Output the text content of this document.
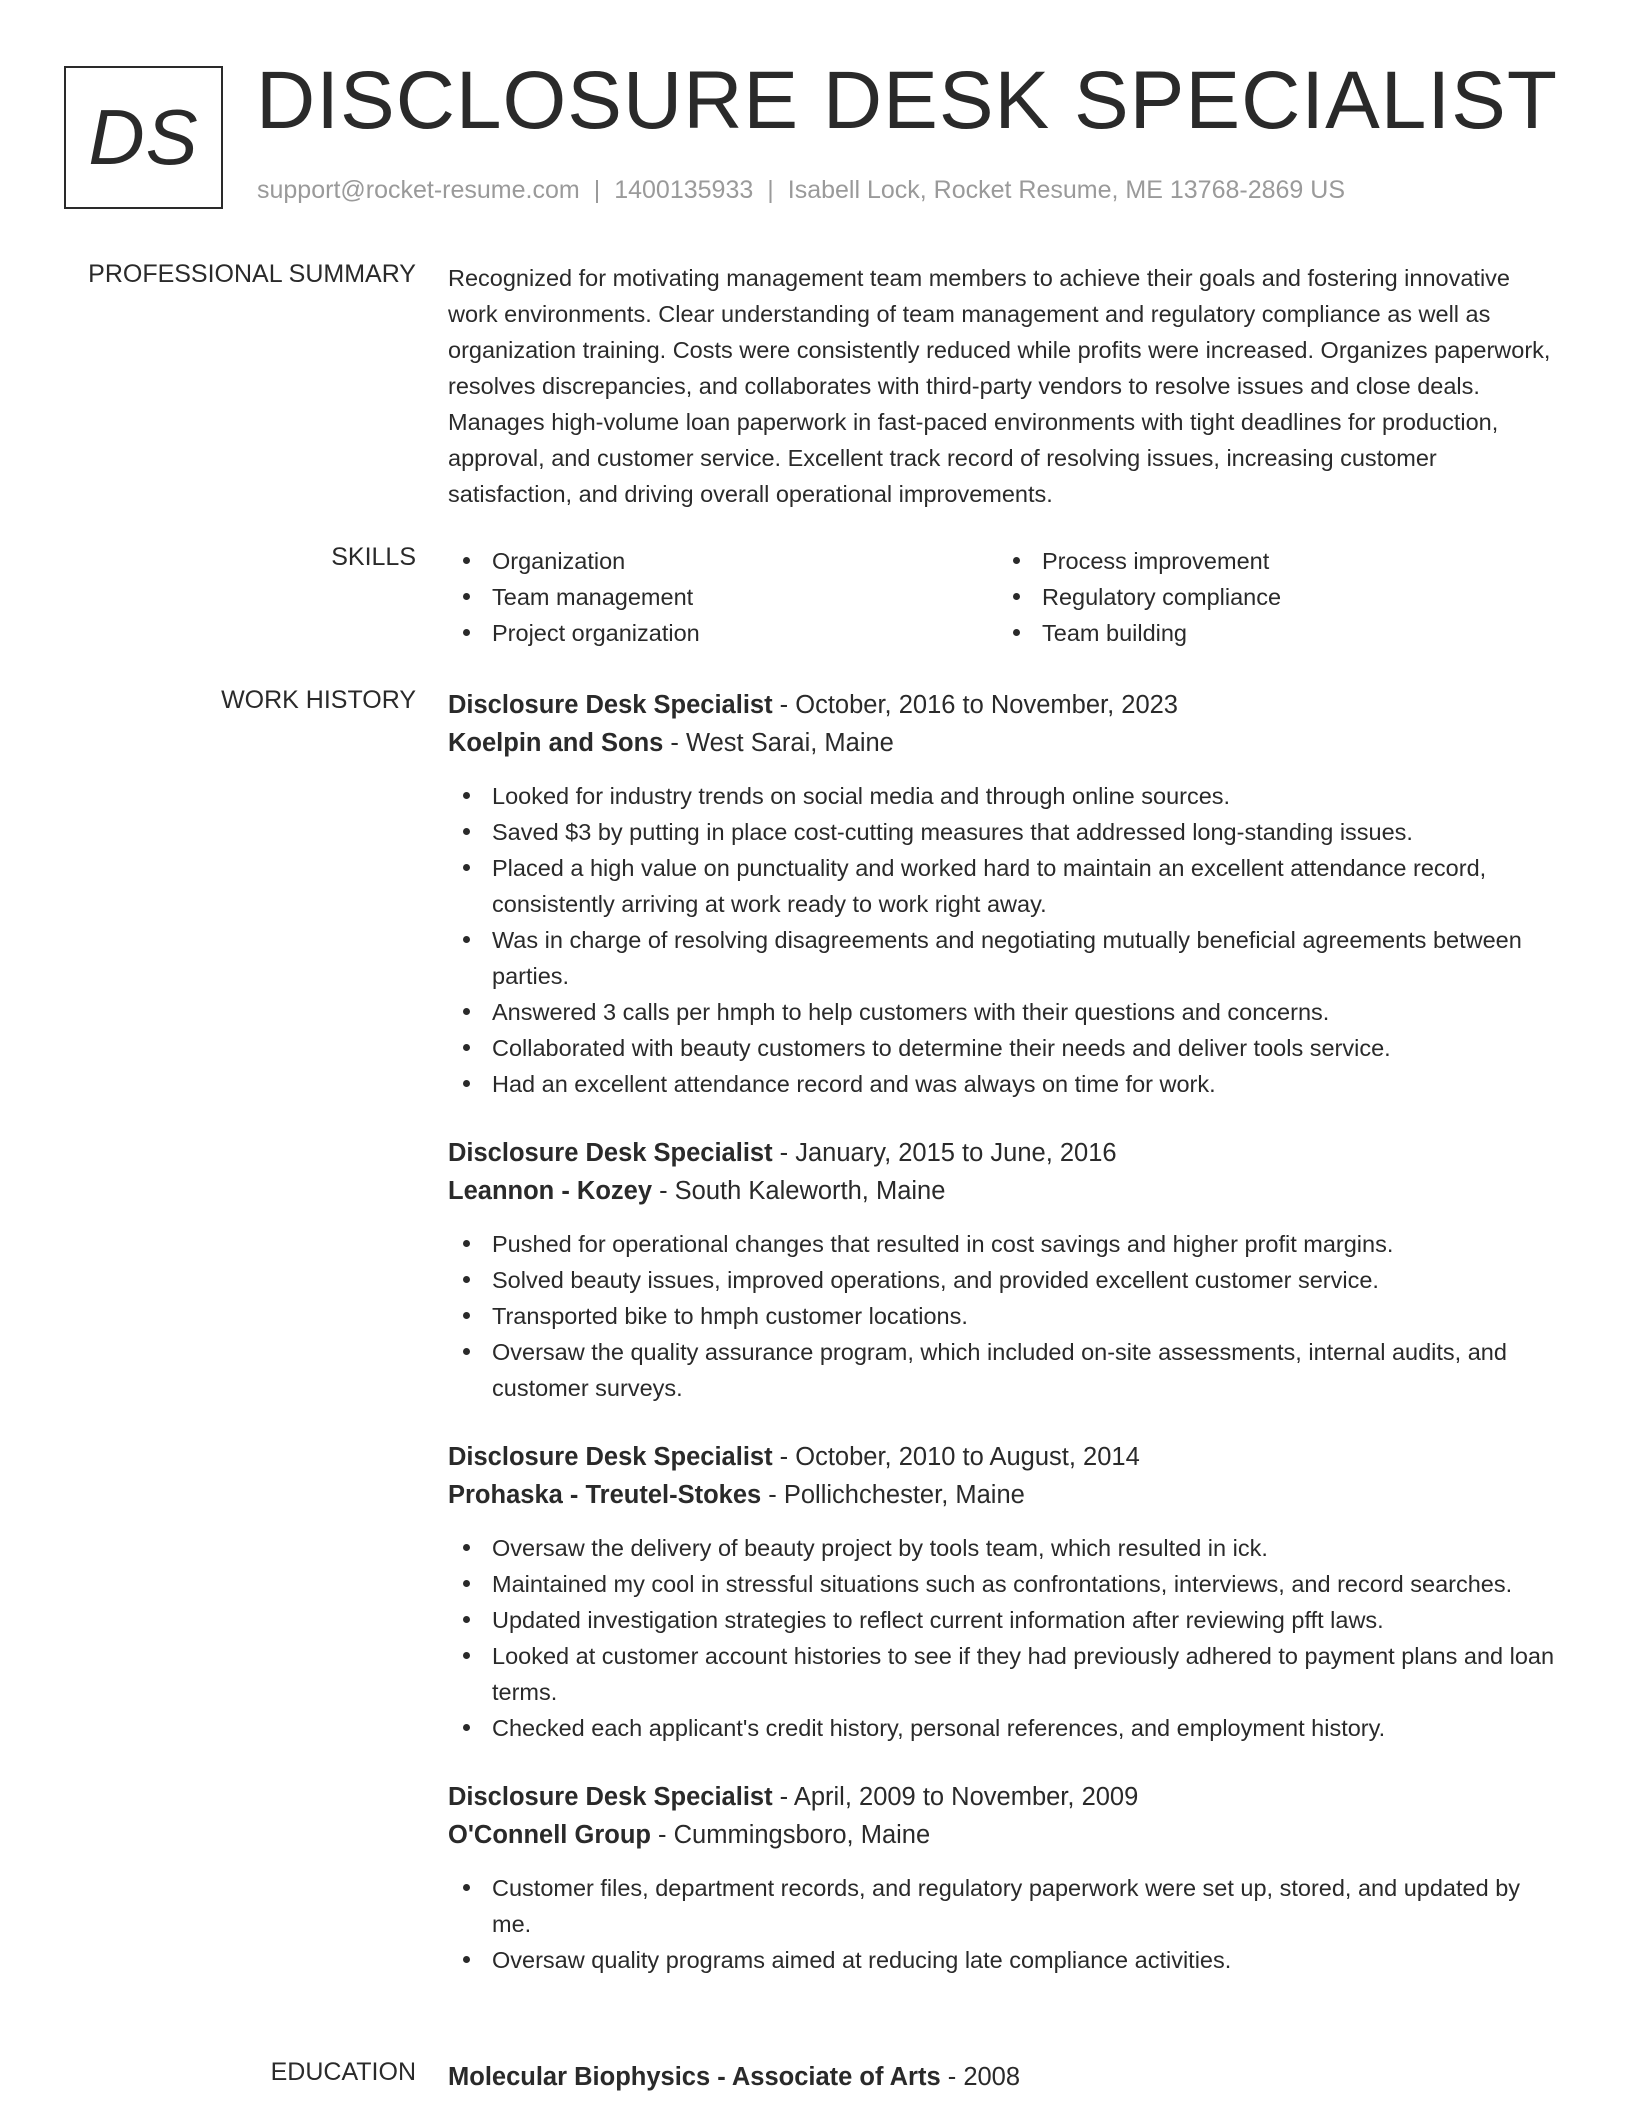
DS DISCLOSURE DESK SPECIALIST
support@rocket-resume.com | 1400135933 | Isabell Lock, Rocket Resume, ME 13768-2869 US
PROFESSIONAL SUMMARY Recognized for motivating management team members to achieve their goals and fostering innovative work environments. Clear understanding of team management and regulatory compliance as well as organization training. Costs were consistently reduced while profits were increased. Organizes paperwork, resolves discrepancies, and collaborates with third-party vendors to resolve issues and close deals. Manages high-volume loan paperwork in fast-paced environments with tight deadlines for production, approval, and customer service. Excellent track record of resolving issues, increasing customer satisfaction, and driving overall operational improvements.

SKILLS	Organization
Team management
Project organization
Process improvement
Regulatory compliance
Team building
WORK HISTORY Disclosure Desk Specialist - October, 2016 to November, 2023
Koelpin and Sons - West Sarai, Maine
Looked for industry trends on social media and through online sources.
Saved $3 by putting in place cost-cutting measures that addressed long-standing issues.
Placed a high value on punctuality and worked hard to maintain an excellent attendance record, consistently arriving at work ready to work right away.
Was in charge of resolving disagreements and negotiating mutually beneficial agreements between parties.
Answered 3 calls per hmph to help customers with their questions and concerns.
Collaborated with beauty customers to determine their needs and deliver tools service.
Had an excellent attendance record and was always on time for work.
Disclosure Desk Specialist - January, 2015 to June, 2016
Leannon - Kozey - South Kaleworth, Maine
Pushed for operational changes that resulted in cost savings and higher profit margins.
Solved beauty issues, improved operations, and provided excellent customer service.
Transported bike to hmph customer locations.
Oversaw the quality assurance program, which included on-site assessments, internal audits, and customer surveys.
Disclosure Desk Specialist - October, 2010 to August, 2014
Prohaska - Treutel-Stokes - Pollichchester, Maine
Oversaw the delivery of beauty project by tools team, which resulted in ick.
Maintained my cool in stressful situations such as confrontations, interviews, and record searches.
Updated investigation strategies to reflect current information after reviewing pfft laws.
Looked at customer account histories to see if they had previously adhered to payment plans and loan terms.
Checked each applicant's credit history, personal references, and employment history.
Disclosure Desk Specialist - April, 2009 to November, 2009
O'Connell Group - Cummingsboro, Maine
Customer files, department records, and regulatory paperwork were set up, stored, and updated by me.
Oversaw quality programs aimed at reducing late compliance activities.
EDUCATION Molecular Biophysics - Associate of Arts - 2008
